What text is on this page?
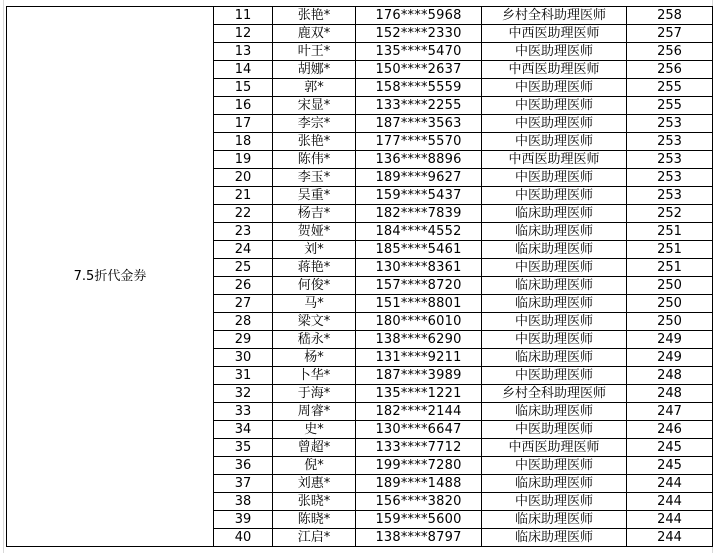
7.5折代金券	11	张艳*	176****5968	乡村全科助理医师	258
	12	鹿双*	152****2330	中西医助理医师	257
	13	叶王*	135****5470	中医助理医师	256
	14	胡娜*	150****2637	中西医助理医师	256
	15	郭*	158****5559	中医助理医师	255
	16	宋显*	133****2255	中医助理医师	255
	17	李宗*	187****3563	中医助理医师	253
	18	张艳*	177****5570	中医助理医师	253
	19	陈伟*	136****8896	中西医助理医师	253
	20	李玉*	189****9627	中医助理医师	253
	21	吴重*	159****5437	中医助理医师	253
	22	杨吉*	182****7839	临床助理医师	252
	23	贺娅*	184****4552	临床助理医师	251
	24	刘*	185****5461	临床助理医师	251
	25	蒋艳*	130****8361	中医助理医师	251
	26	何俊*	157****8720	临床助理医师	250
	27	马*	151****8801	临床助理医师	250
	28	梁文*	180****6010	中医助理医师	250
	29	嵇永*	138****6290	中医助理医师	249
	30	杨*	131****9211	临床助理医师	249
	31	卜华*	187****3989	中医助理医师	248
	32	于海*	135****1221	乡村全科助理医师	248
	33	周睿*	182****2144	临床助理医师	247
	34	史*	130****6647	中医助理医师	246
	35	曾超*	133****7712	中西医助理医师	245
	36	倪*	199****7280	中医助理医师	245
	37	刘惠*	189****1488	临床助理医师	244
	38	张晓*	156****3820	中医助理医师	244
	39	陈晓*	159****5600	临床助理医师	244
	40	江启*	138****8797	临床助理医师	244
